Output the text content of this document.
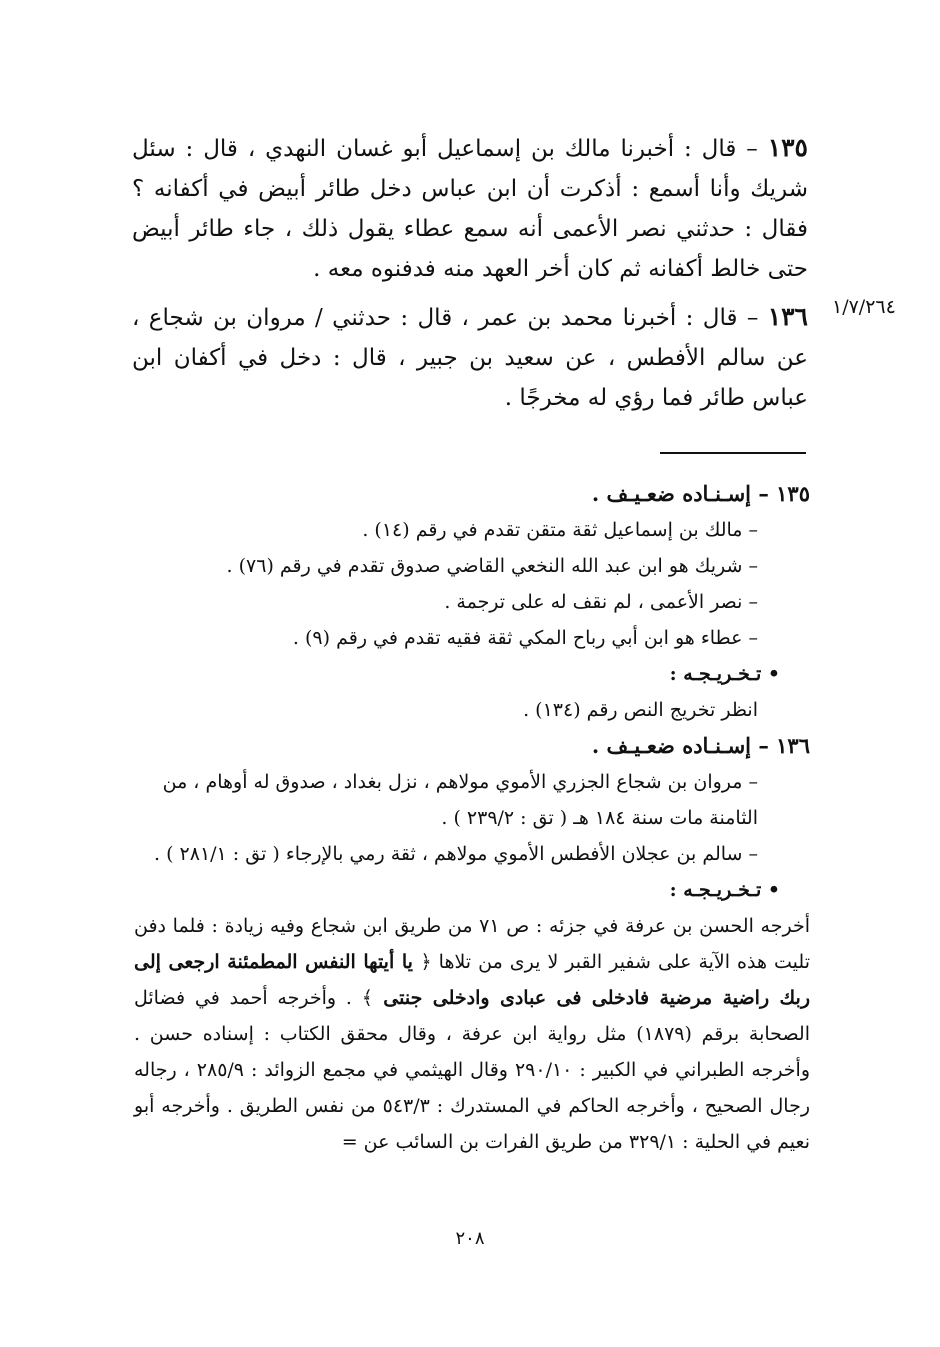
١٣٥ – قال : أخبرنا مالك بن إسماعيل أبو غسان النهدي ، قال : سئل شريك وأنا أسمع : أذكرت أن ابن عباس دخل طائر أبيض في أكفانه ؟ فقال : حدثني نصر الأعمى أنه سمع عطاء يقول ذلك ، جاء طائر أبيض حتى خالط أكفانه ثم كان أخر العهد منه فدفنوه معه .

١٣٦ – قال : أخبرنا محمد بن عمر ، قال : حدثني / مروان بن شجاع ، عن سالم الأفطس ، عن سعيد بن جبير ، قال : دخل في أكفان ابن عباس طائر فما رؤي له مخرجًا .

١/٧/٢٦٤

١٣٥ – إسـنـاده ضعـيـف .

– مالك بن إسماعيل ثقة متقن تقدم في رقم (١٤) .

– شريك هو ابن عبد الله النخعي القاضي صدوق تقدم في رقم (٧٦) .

– نصر الأعمى ، لم نقف له على ترجمة .

– عطاء هو ابن أبي رباح المكي ثقة فقيه تقدم في رقم (٩) .

• تـخـريـجـه :

انظر تخريج النص رقم (١٣٤) .

١٣٦ – إسـنـاده ضعـيـف .

– مروان بن شجاع الجزري الأموي مولاهم ، نزل بغداد ، صدوق له أوهام ، من الثامنة مات سنة ١٨٤ هـ ( تق : ٢٣٩/٢ ) .

– سالم بن عجلان الأفطس الأموي مولاهم ، ثقة رمي بالإرجاء ( تق : ٢٨١/١ ) .

• تـخـريـجـه :

أخرجه الحسن بن عرفة في جزئه : ص ٧١ من طريق ابن شجاع وفيه زيادة : فلما دفن تليت هذه الآية على شفير القبر لا يرى من تلاها ﴿ يا أيتها النفس المطمئنة ارجعى إلى ربك راضية مرضية فادخلى فى عبادى وادخلى جنتى ﴾ . وأخرجه أحمد في فضائل الصحابة برقم (١٨٧٩) مثل رواية ابن عرفة ، وقال محقق الكتاب : إسناده حسن . وأخرجه الطبراني في الكبير : ٢٩٠/١٠ وقال الهيثمي في مجمع الزوائد : ٢٨٥/٩ ، رجاله رجال الصحيح ، وأخرجه الحاكم في المستدرك : ٥٤٣/٣ من نفس الطريق . وأخرجه أبو نعيم في الحلية : ٣٢٩/١ من طريق الفرات بن السائب عن =

٢٠٨
